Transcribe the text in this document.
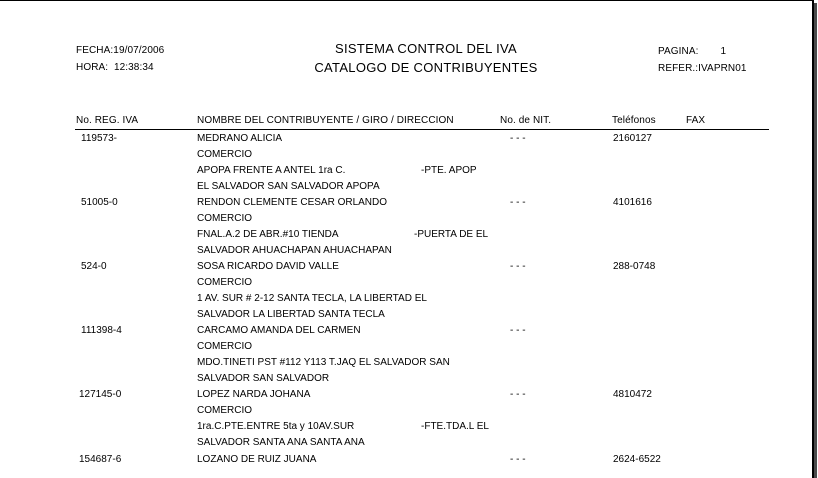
FECHA:19/07/2006
HORA: 12:38:34
SISTEMA CONTROL DEL IVA
CATALOGO DE CONTRIBUYENTES
PAGINA: 1
REFER.:IVAPRN01
No. REG. IVA	NOMBRE DEL CONTRIBUYENTE / GIRO / DIRECCION	No. de NIT.	Teléfonos	FAX
119573-	MEDRANO ALICIA	- - -	2160127
COMERCIO
APOPA FRENTE A ANTEL 1ra C.	-PTE. APOP
EL SALVADOR SAN SALVADOR APOPA
51005-0	RENDON CLEMENTE CESAR ORLANDO	- - -	4101616
COMERCIO
FNAL.A.2 DE ABR.#10 TIENDA	-PUERTA DE EL
SALVADOR AHUACHAPAN AHUACHAPAN
524-0	SOSA RICARDO DAVID VALLE	- - -	288-0748
COMERCIO
1 AV. SUR # 2-12 SANTA TECLA, LA LIBERTAD EL
SALVADOR LA LIBERTAD SANTA TECLA
111398-4	CARCAMO AMANDA DEL CARMEN	- - -
COMERCIO
MDO.TINETI PST #112 Y113 T.JAQ EL SALVADOR SAN
SALVADOR SAN SALVADOR
127145-0	LOPEZ NARDA JOHANA	- - -	4810472
COMERCIO
1ra.C.PTE.ENTRE 5ta y 10AV.SUR	-FTE.TDA.L EL
SALVADOR SANTA ANA SANTA ANA
154687-6	LOZANO DE RUIZ JUANA	- - -	2624-6522
